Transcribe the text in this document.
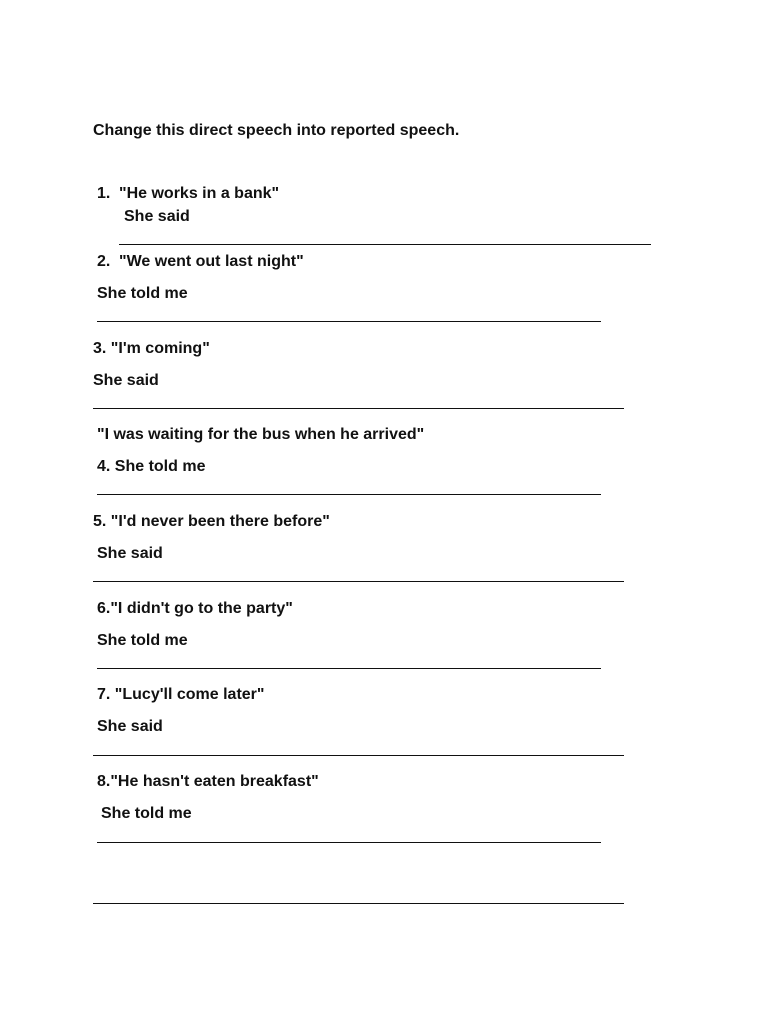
Change this direct speech into reported speech.
1. "He works in a bank"
She said
2. "We went out last night"
She told me
3. "I'm coming"
She said
"I was waiting for the bus when he arrived"
4. She told me
5. "I'd never been there before"
She said
6."I didn't go to the party"
She told me
7. "Lucy'll come later"
She said
8."He hasn't eaten breakfast"
She told me
